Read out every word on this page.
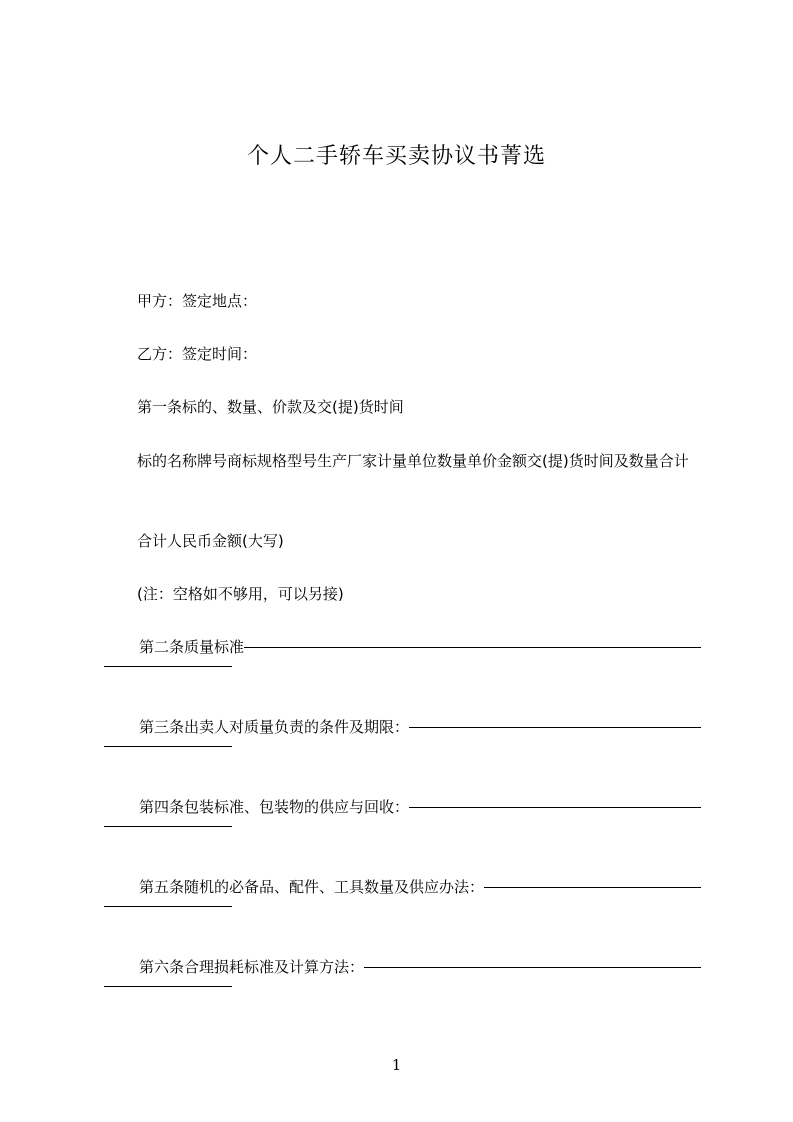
个人二手轿车买卖协议书菁选
甲方：签定地点：
乙方：签定时间：
第一条标的、数量、价款及交(提)货时间
标的名称牌号商标规格型号生产厂家计量单位数量单价金额交(提)货时间及数量合计
合计人民币金额(大写)
(注：空格如不够用，可以另接)
第二条质量标准
第三条出卖人对质量负责的条件及期限：
第四条包装标准、包装物的供应与回收：
第五条随机的必备品、配件、工具数量及供应办法：
第六条合理损耗标准及计算方法：
1
